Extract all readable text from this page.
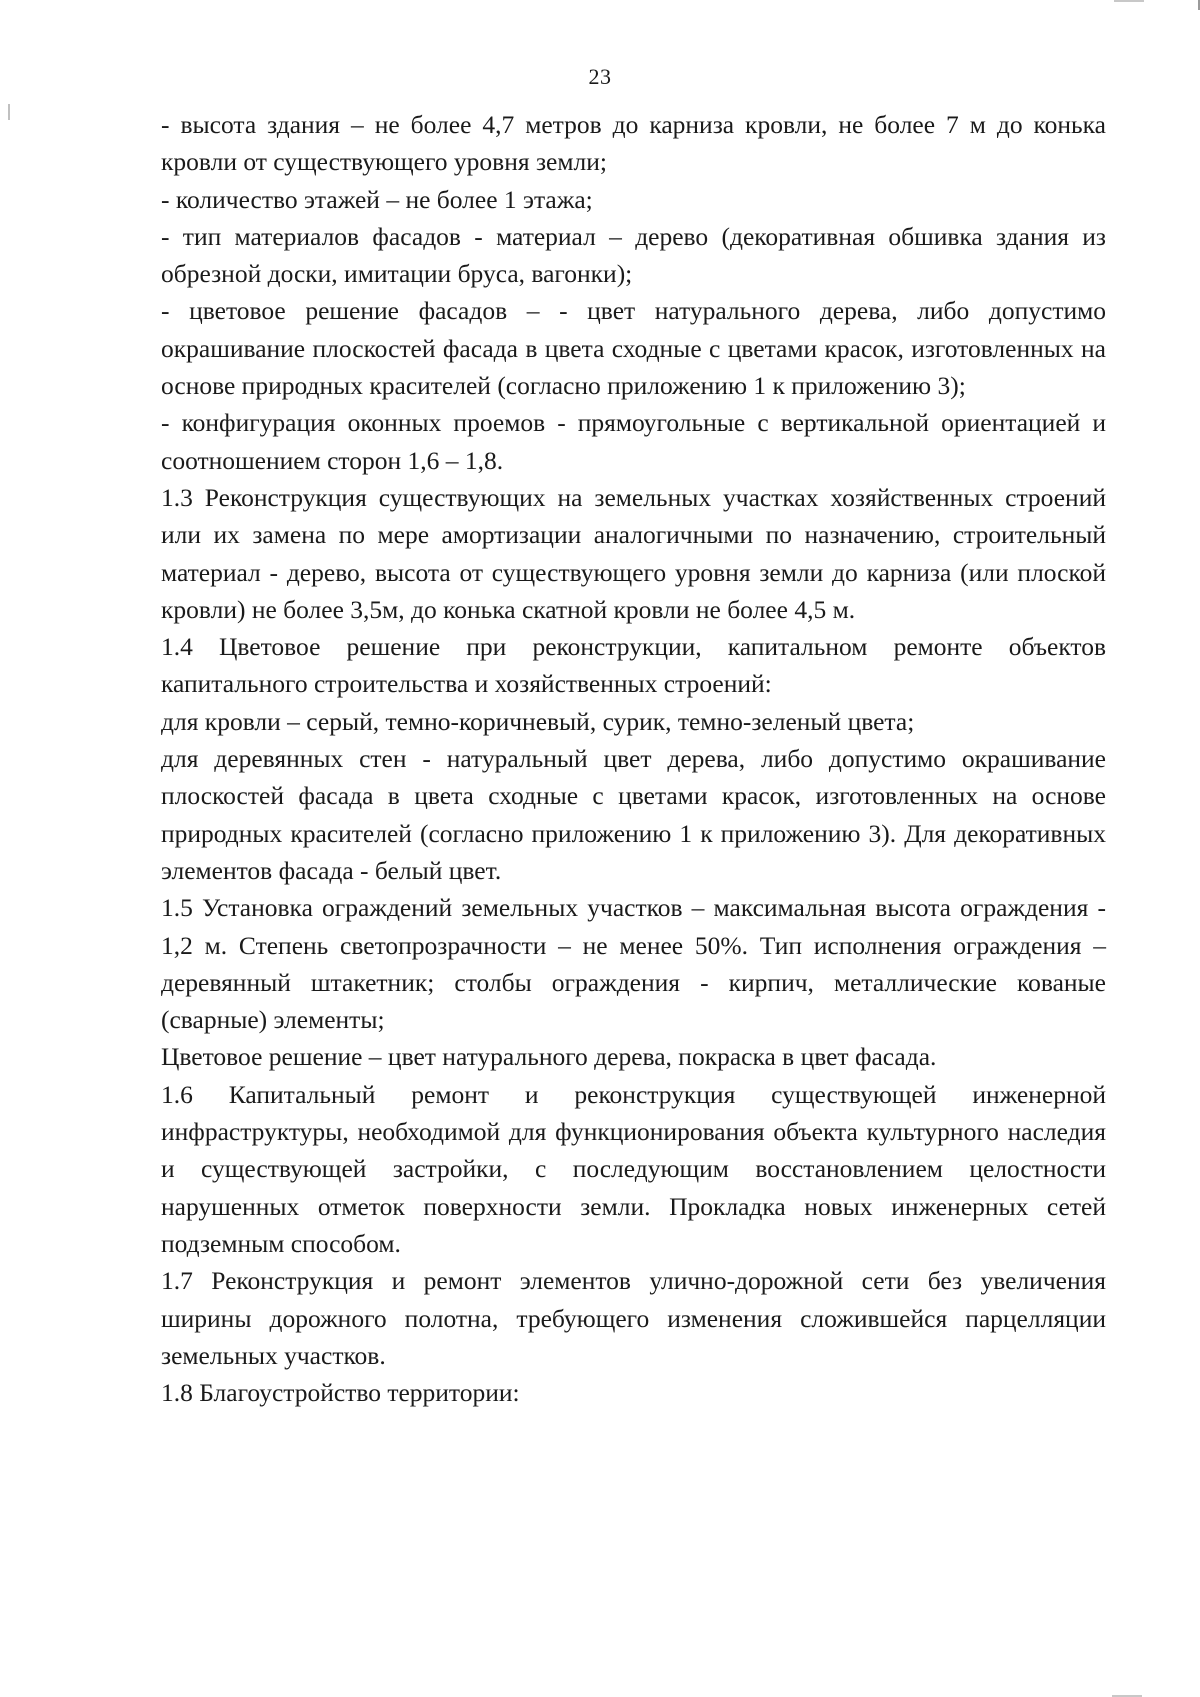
23

- высота здания – не более 4,7 метров до карниза кровли, не более 7 м до конька кровли от существующего уровня земли;

- количество этажей – не более 1 этажа;

- тип материалов фасадов - материал – дерево (декоративная обшивка здания из обрезной доски, имитации бруса, вагонки);

- цветовое решение фасадов – - цвет натурального дерева, либо допустимо окрашивание плоскостей фасада в цвета сходные с цветами красок, изготовленных на основе природных красителей (согласно приложению 1 к приложению 3);

- конфигурация оконных проемов - прямоугольные с вертикальной ориентацией и соотношением сторон 1,6 – 1,8.

1.3 Реконструкция существующих на земельных участках хозяйственных строений или их замена по мере амортизации аналогичными по назначению, строительный материал - дерево, высота от существующего уровня земли до карниза (или плоской кровли) не более 3,5м, до конька скатной кровли не более 4,5 м.

1.4 Цветовое решение при реконструкции, капитальном ремонте объектов капитального строительства и хозяйственных строений:

для кровли – серый, темно-коричневый, сурик, темно-зеленый цвета;

для деревянных стен - натуральный цвет дерева, либо допустимо окрашивание плоскостей фасада в цвета сходные с цветами красок, изготовленных на основе природных красителей (согласно приложению 1 к приложению 3). Для декоративных элементов фасада - белый цвет.

1.5 Установка ограждений земельных участков – максимальная высота ограждения - 1,2 м. Степень светопрозрачности – не менее 50%. Тип исполнения ограждения – деревянный штакетник; столбы ограждения - кирпич, металлические кованые (сварные) элементы;

Цветовое решение – цвет натурального дерева, покраска в цвет фасада.

1.6 Капитальный ремонт и реконструкция существующей инженерной инфраструктуры, необходимой для функционирования объекта культурного наследия и существующей застройки, с последующим восстановлением целостности нарушенных отметок поверхности земли. Прокладка новых инженерных сетей подземным способом.

1.7 Реконструкция и ремонт элементов улично-дорожной сети без увеличения ширины дорожного полотна, требующего изменения сложившейся парцелляции земельных участков.

1.8 Благоустройство территории:
